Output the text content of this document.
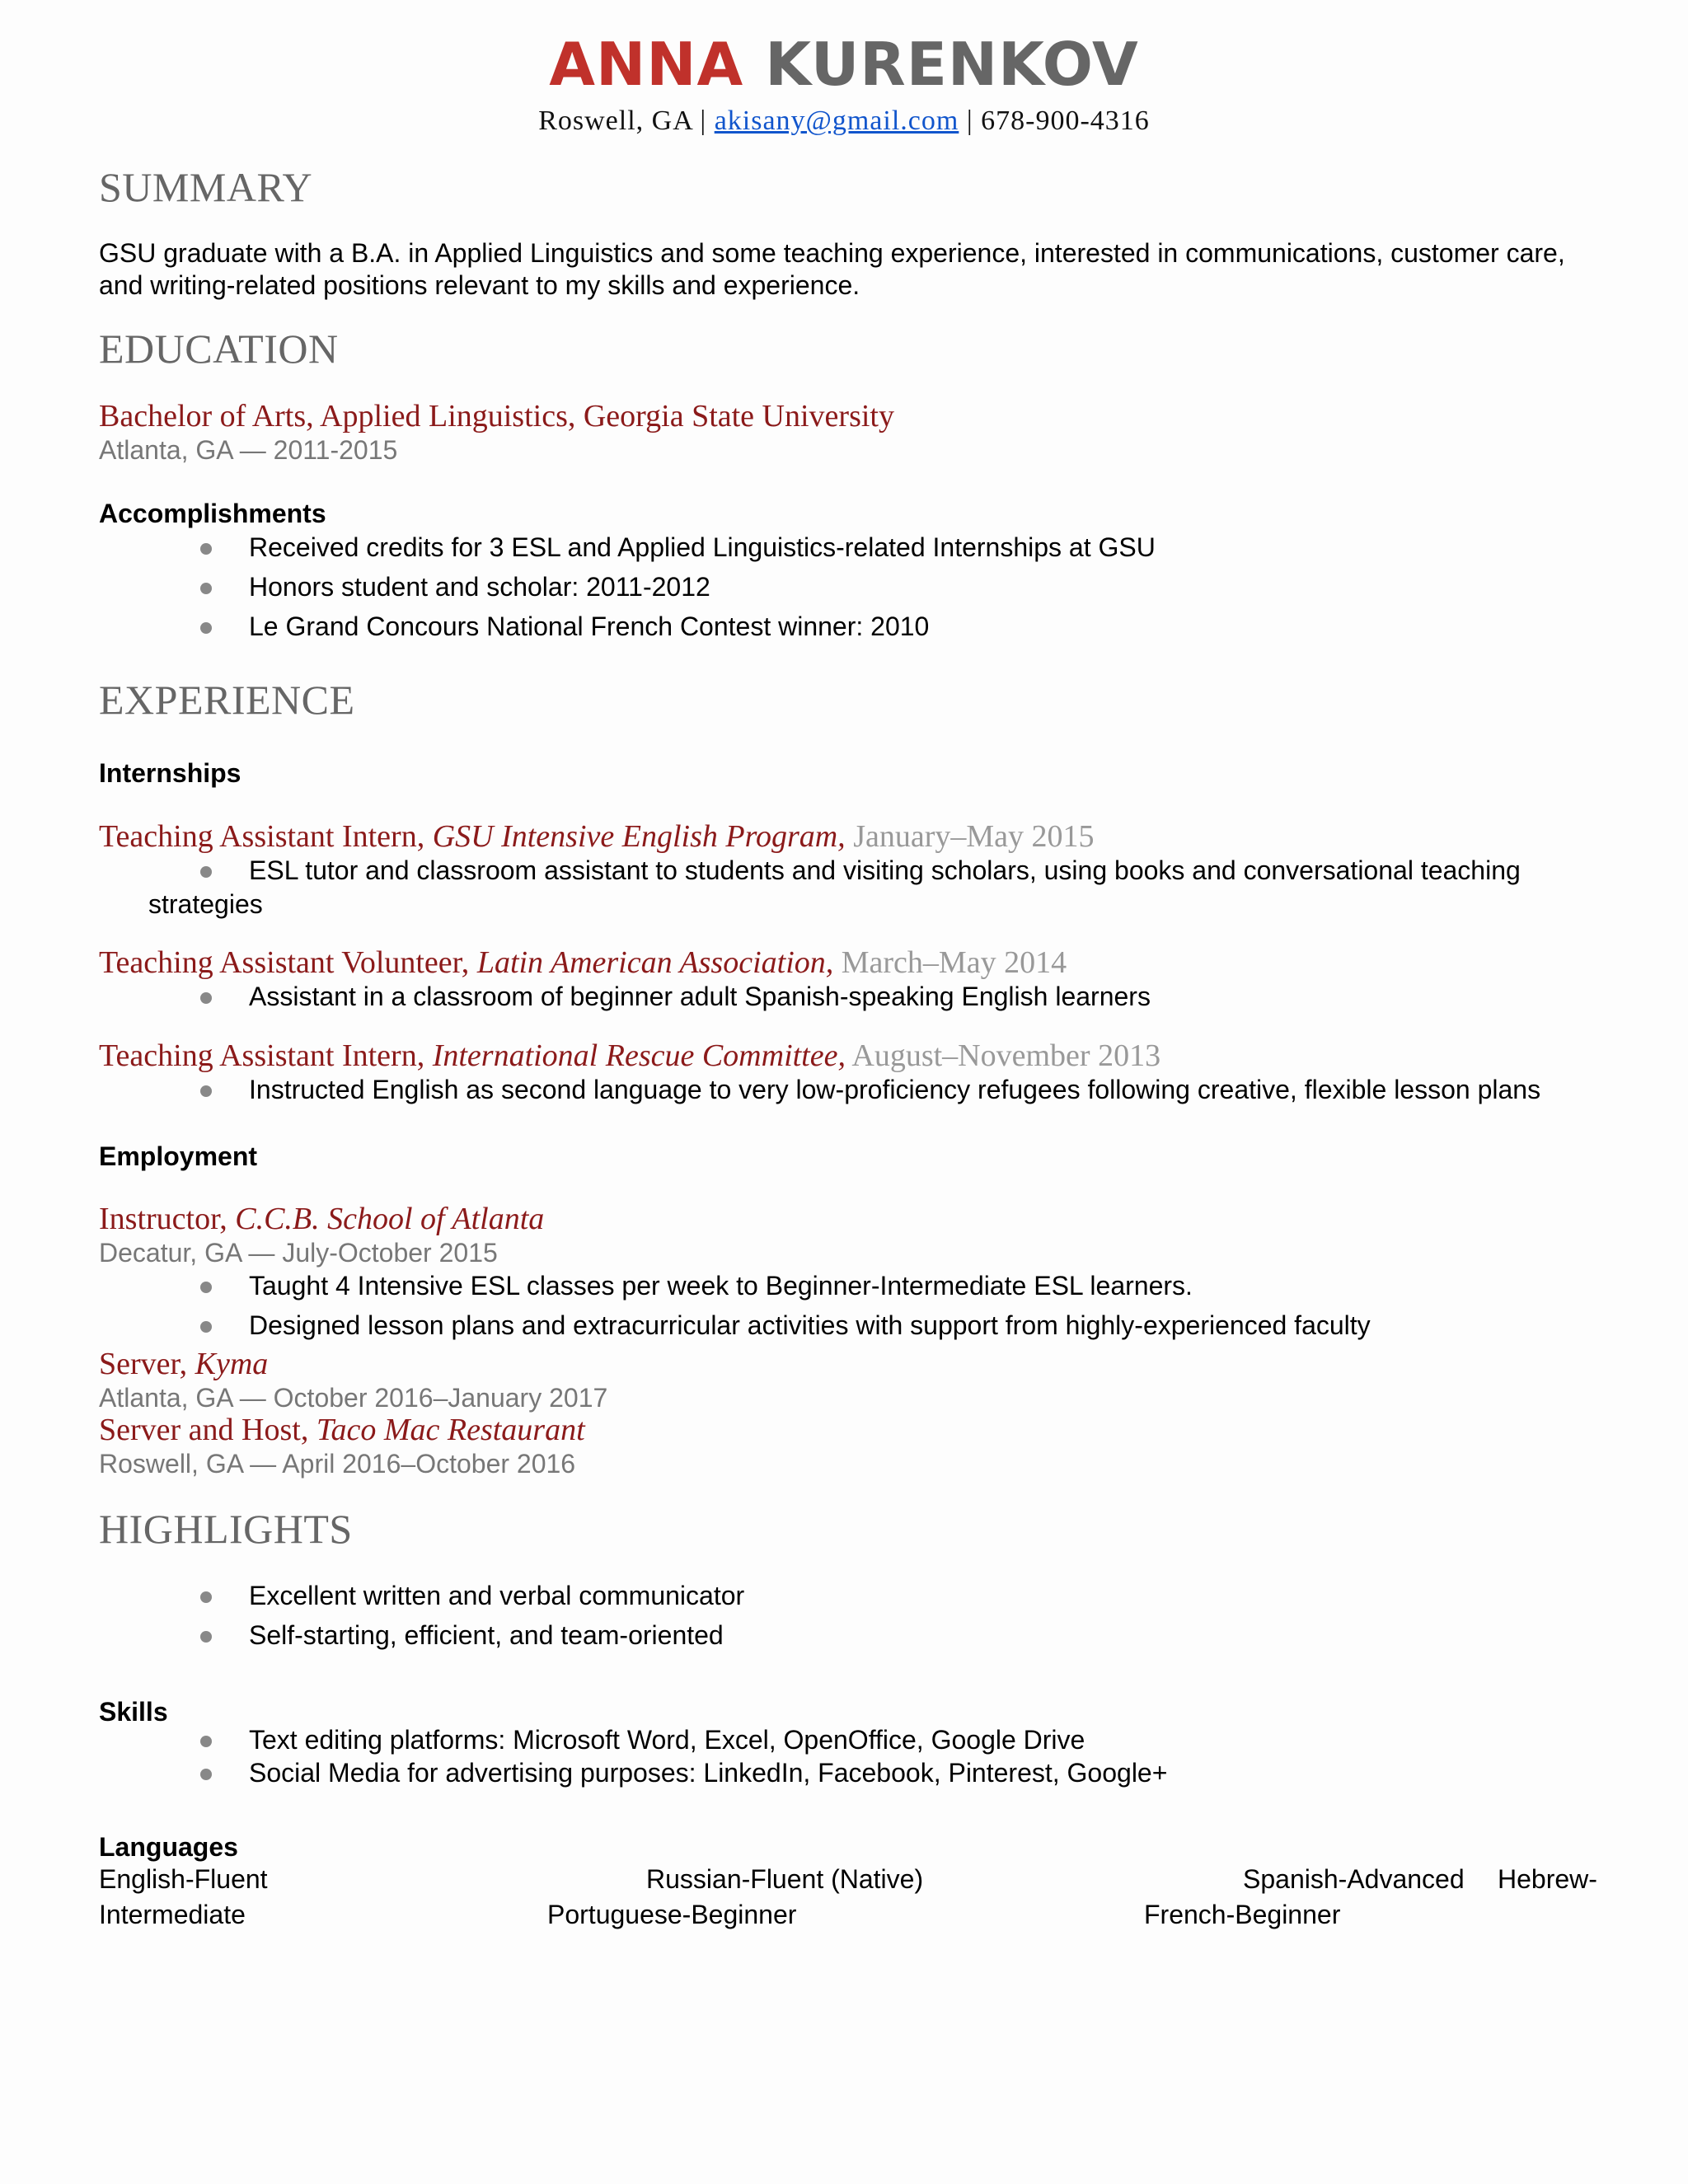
ANNA KURENKOV
Roswell, GA | akisany@gmail.com | 678-900-4316
SUMMARY
GSU graduate with a B.A. in Applied Linguistics and some teaching experience, interested in communications, customer care,
and writing-related positions relevant to my skills and experience.
EDUCATION
Bachelor of Arts, Applied Linguistics, Georgia State University
Atlanta, GA — 2011-2015
Accomplishments
Received credits for 3 ESL and Applied Linguistics-related Internships at GSU
Honors student and scholar: 2011-2012
Le Grand Concours National French Contest winner: 2010
EXPERIENCE
Internships
Teaching Assistant Intern, GSU Intensive English Program, January–May 2015
ESL tutor and classroom assistant to students and visiting scholars, using books and conversational teaching
strategies
Teaching Assistant Volunteer, Latin American Association, March–May 2014
Assistant in a classroom of beginner adult Spanish-speaking English learners
Teaching Assistant Intern, International Rescue Committee, August–November 2013
Instructed English as second language to very low-proficiency refugees following creative, flexible lesson plans
Employment
Instructor, C.C.B. School of Atlanta
Decatur, GA — July-October 2015
Taught 4 Intensive ESL classes per week to Beginner-Intermediate ESL learners.
Designed lesson plans and extracurricular activities with support from highly-experienced faculty
Server, Kyma
Atlanta, GA — October 2016–January 2017
Server and Host, Taco Mac Restaurant
Roswell, GA — April 2016–October 2016
HIGHLIGHTS
Excellent written and verbal communicator
Self-starting, efficient, and team-oriented
Skills
Text editing platforms: Microsoft Word, Excel, OpenOffice, Google Drive
Social Media for advertising purposes: LinkedIn, Facebook, Pinterest, Google+
Languages
English-Fluent	Russian-Fluent (Native)	Spanish-Advanced Hebrew-
Intermediate	Portuguese-Beginner	French-Beginner
